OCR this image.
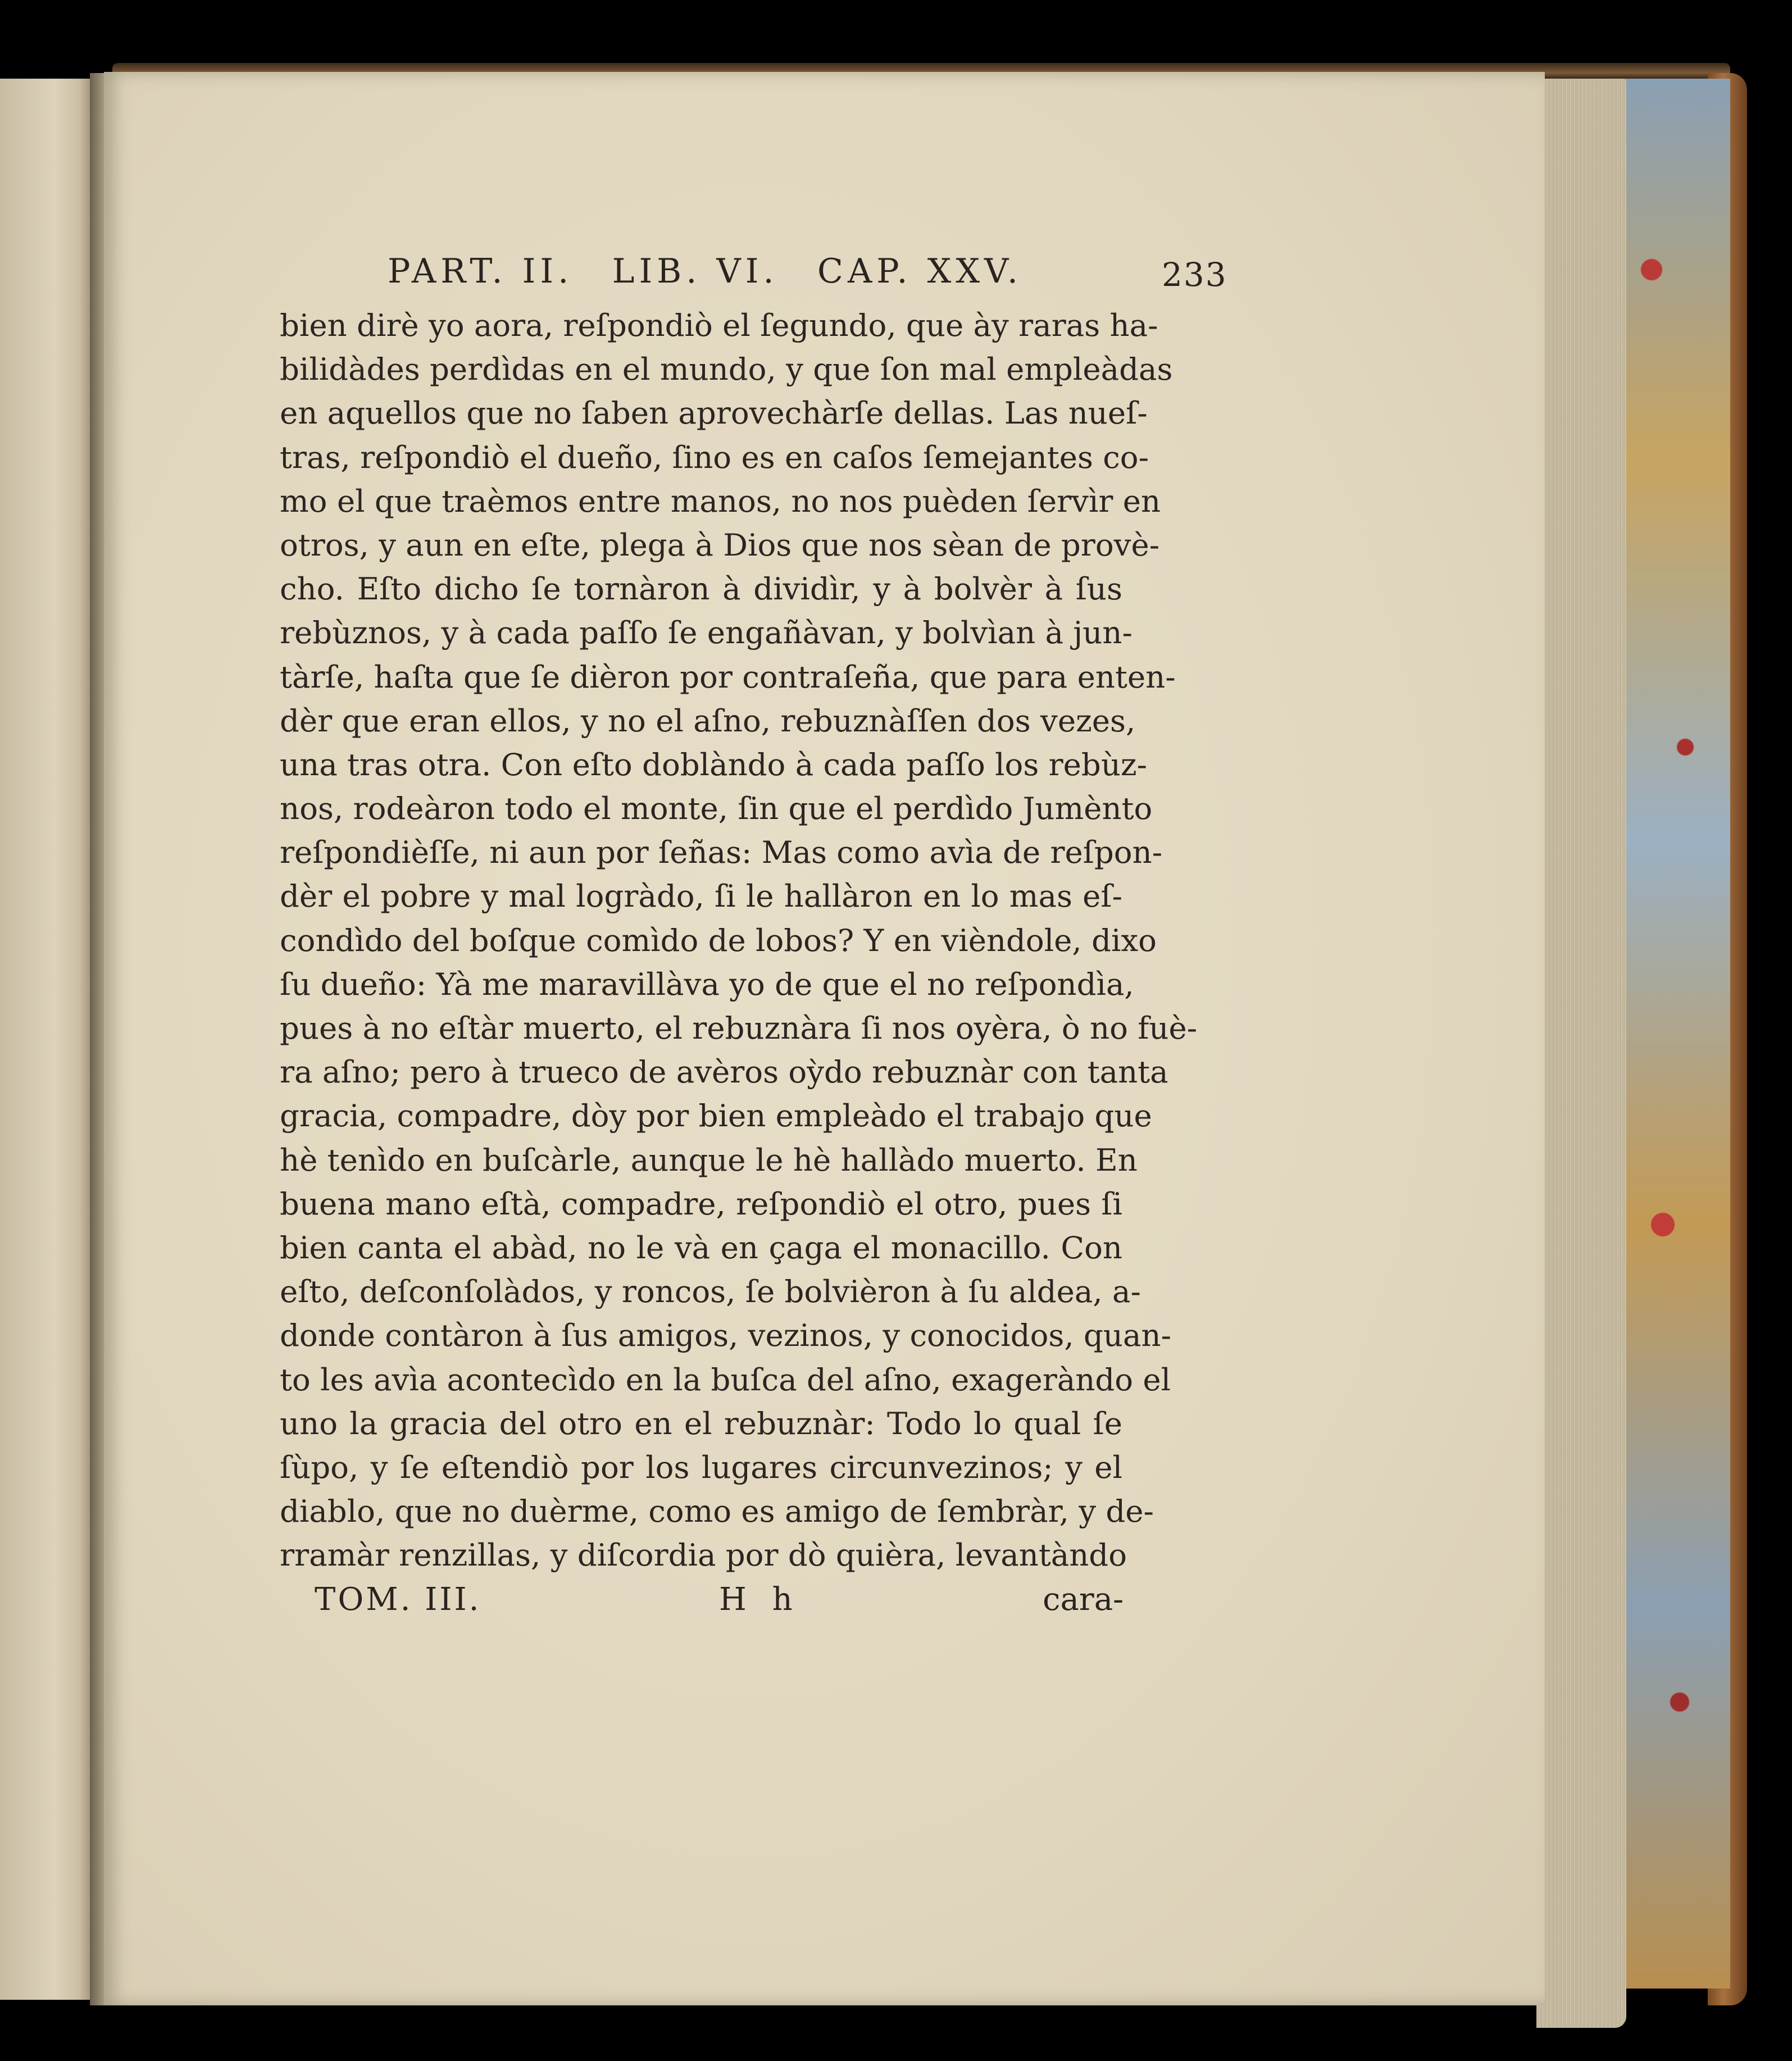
PART. II. LIB. VI. CAP. XXV.	233
bien dirè yo aora, reſpondiò el ſegundo, que ày raras ha-
bilidàdes perdìdas en el mundo, y que ſon mal empleàdas
en aquellos que no ſaben aprovechàrſe dellas. Las nueſ-
tras, reſpondiò el dueño, ſino es en caſos ſemejantes co-
mo el que traèmos entre manos, no nos puèden ſervìr en
otros, y aun en eſte, plega à Dios que nos sèan de provè-
cho. Eſto dicho ſe tornàron à dividìr, y à bolvèr à ſus
rebùznos, y à cada paſſo ſe engañàvan, y bolvìan à jun-
tàrſe, haſta que ſe dièron por contraſeña, que para enten-
dèr que eran ellos, y no el aſno, rebuznàſſen dos vezes,
una tras otra. Con eſto doblàndo à cada paſſo los rebùz-
nos, rodeàron todo el monte, ſin que el perdìdo Jumènto
reſpondièſſe, ni aun por ſeñas: Mas como avìa de reſpon-
dèr el pobre y mal logràdo, ſi le hallàron en lo mas eſ-
condìdo del boſque comìdo de lobos? Y en vièndole, dixo
ſu dueño: Yà me maravillàva yo de que el no reſpondìa,
pues à no eſtàr muerto, el rebuznàra ſi nos oyèra, ò no fuè-
ra aſno; pero à trueco de avèros oỳdo rebuznàr con tanta
gracia, compadre, dòy por bien empleàdo el trabajo que
hè tenìdo en buſcàrle, aunque le hè hallàdo muerto. En
buena mano eſtà, compadre, reſpondiò el otro, pues ſi
bien canta el abàd, no le và en çaga el monacillo. Con
eſto, deſconſolàdos, y roncos, ſe bolvièron à ſu aldea, a-
donde contàron à ſus amigos, vezinos, y conocidos, quan-
to les avìa acontecìdo en la buſca del aſno, exageràndo el
uno la gracia del otro en el rebuznàr: Todo lo qual ſe
ſùpo, y ſe eſtendiò por los lugares circunvezinos; y el
diablo, que no duèrme, como es amigo de ſembràr, y de-
rramàr renzillas, y diſcordia por dò quièra, levantàndo
TOM. III.	H h	cara-
